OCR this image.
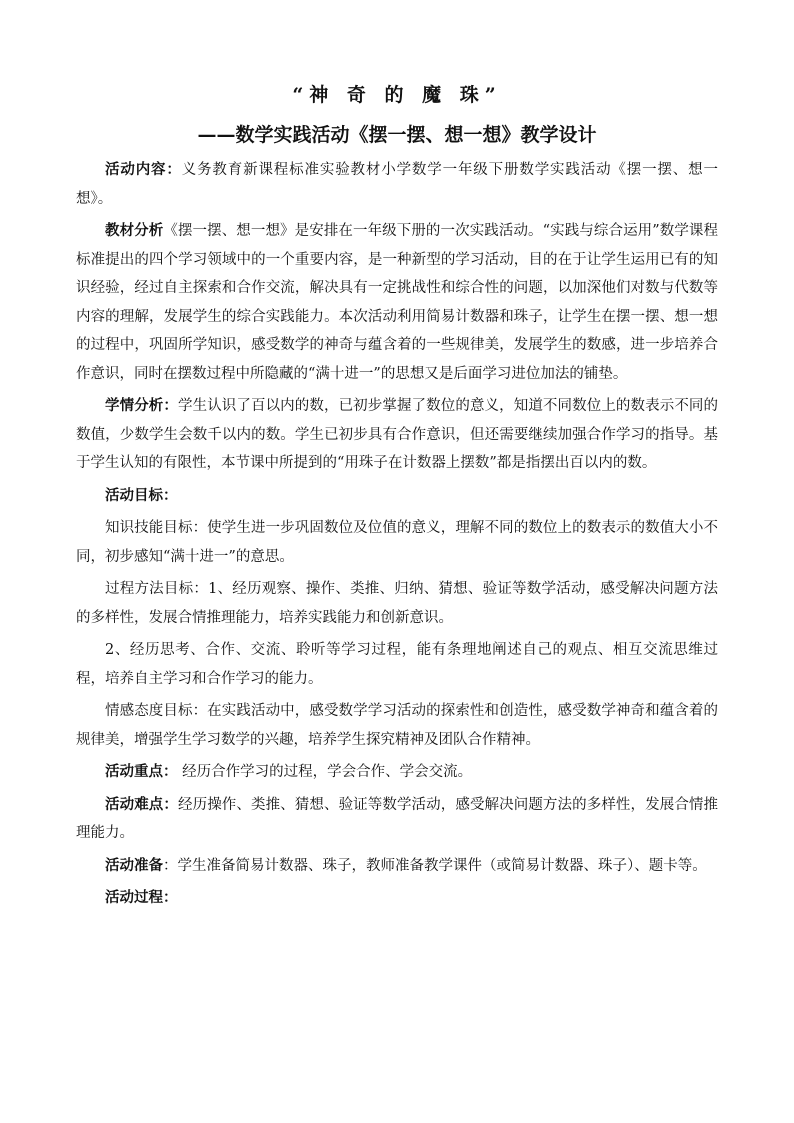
“神 奇 的 魔 珠”
——数学实践活动《摆一摆、想一想》教学设计

活动内容：义务教育新课程标准实验教材小学数学一年级下册数学实践活动《摆一摆、想一想》。

教材分析《摆一摆、想一想》是安排在一年级下册的一次实践活动。“实践与综合运用”数学课程标准提出的四个学习领域中的一个重要内容，是一种新型的学习活动，目的在于让学生运用已有的知识经验，经过自主探索和合作交流，解决具有一定挑战性和综合性的问题，以加深他们对数与代数等内容的理解，发展学生的综合实践能力。本次活动利用简易计数器和珠子，让学生在摆一摆、想一想的过程中，巩固所学知识，感受数学的神奇与蕴含着的一些规律美，发展学生的数感，进一步培养合作意识，同时在摆数过程中所隐藏的“满十进一”的思想又是后面学习进位加法的铺垫。

学情分析：学生认识了百以内的数，已初步掌握了数位的意义，知道不同数位上的数表示不同的数值，少数学生会数千以内的数。学生已初步具有合作意识，但还需要继续加强合作学习的指导。基于学生认知的有限性，本节课中所提到的“用珠子在计数器上摆数”都是指摆出百以内的数。

活动目标：

知识技能目标：使学生进一步巩固数位及位值的意义，理解不同的数位上的数表示的数值大小不同，初步感知“满十进一”的意思。

过程方法目标：1、经历观察、操作、类推、归纳、猜想、验证等数学活动，感受解决问题方法的多样性，发展合情推理能力，培养实践能力和创新意识。

2、经历思考、合作、交流、聆听等学习过程，能有条理地阐述自己的观点、相互交流思维过程，培养自主学习和合作学习的能力。

情感态度目标：在实践活动中，感受数学学习活动的探索性和创造性，感受数学神奇和蕴含着的规律美，增强学生学习数学的兴趣，培养学生探究精神及团队合作精神。

活动重点： 经历合作学习的过程，学会合作、学会交流。

活动难点：经历操作、类推、猜想、验证等数学活动，感受解决问题方法的多样性，发展合情推理能力。

活动准备：学生准备简易计数器、珠子，教师准备教学课件（或简易计数器、珠子）、题卡等。

活动过程：
